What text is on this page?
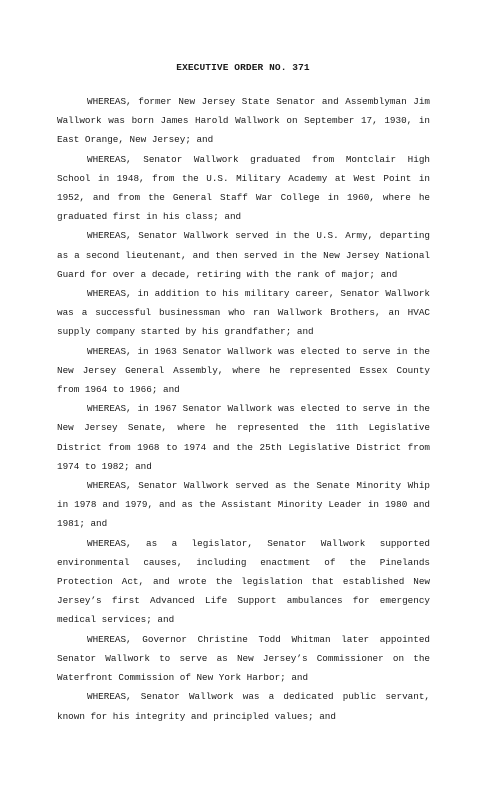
EXECUTIVE ORDER NO. 371

WHEREAS, former New Jersey State Senator and Assemblyman Jim Wallwork was born James Harold Wallwork on September 17, 1930, in East Orange, New Jersey; and

WHEREAS, Senator Wallwork graduated from Montclair High School in 1948, from the U.S. Military Academy at West Point in 1952, and from the General Staff War College in 1960, where he graduated first in his class; and

WHEREAS, Senator Wallwork served in the U.S. Army, departing as a second lieutenant, and then served in the New Jersey National Guard for over a decade, retiring with the rank of major; and

WHEREAS, in addition to his military career, Senator Wallwork was a successful businessman who ran Wallwork Brothers, an HVAC supply company started by his grandfather; and

WHEREAS, in 1963 Senator Wallwork was elected to serve in the New Jersey General Assembly, where he represented Essex County from 1964 to 1966; and

WHEREAS, in 1967 Senator Wallwork was elected to serve in the New Jersey Senate, where he represented the 11th Legislative District from 1968 to 1974 and the 25th Legislative District from 1974 to 1982; and

WHEREAS, Senator Wallwork served as the Senate Minority Whip in 1978 and 1979, and as the Assistant Minority Leader in 1980 and 1981; and

WHEREAS, as a legislator, Senator Wallwork supported environmental causes, including enactment of the Pinelands Protection Act, and wrote the legislation that established New Jersey’s first Advanced Life Support ambulances for emergency medical services; and

WHEREAS, Governor Christine Todd Whitman later appointed Senator Wallwork to serve as New Jersey’s Commissioner on the Waterfront Commission of New York Harbor; and

WHEREAS, Senator Wallwork was a dedicated public servant, known for his integrity and principled values; and
